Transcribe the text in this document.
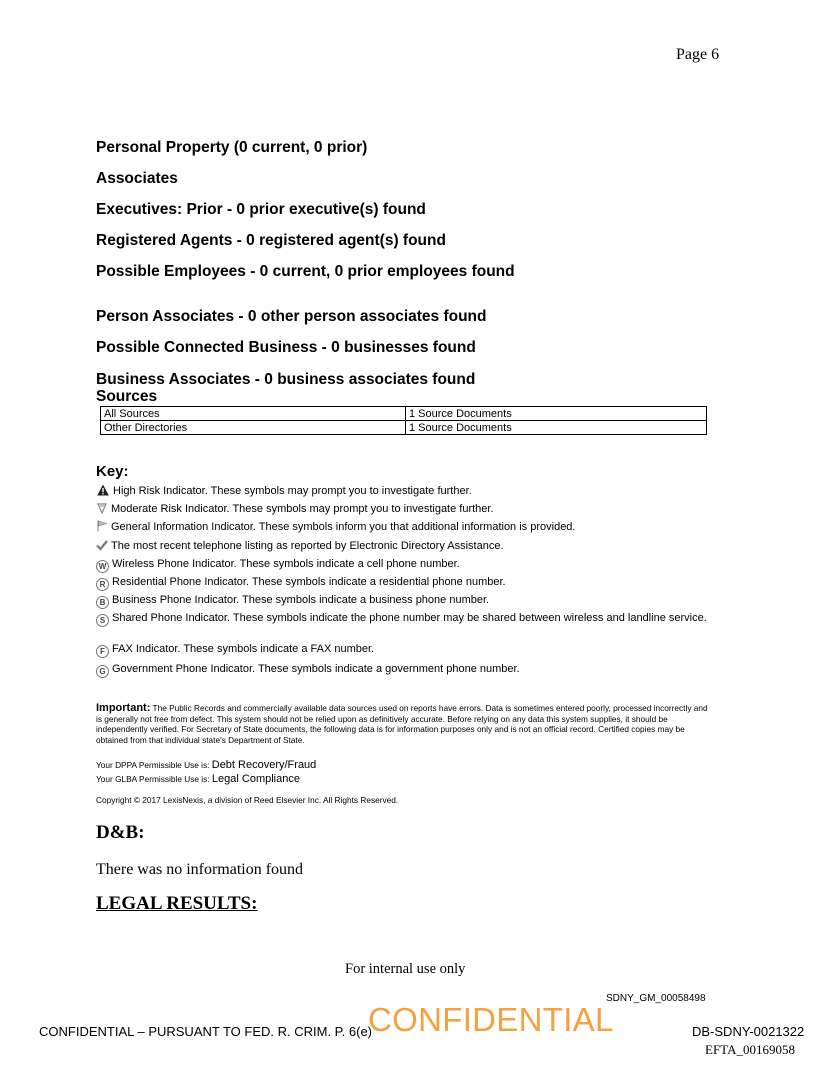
Page 6
Personal Property (0 current, 0 prior)
Associates
Executives: Prior - 0 prior executive(s) found
Registered Agents - 0 registered agent(s) found
Possible Employees - 0 current, 0 prior employees found
Person Associates - 0 other person associates found
Possible Connected Business - 0 businesses found
Business Associates - 0 business associates found
Sources
All Sources	1 Source Documents
Other Directories	1 Source Documents
Key:
High Risk Indicator. These symbols may prompt you to investigate further.
Moderate Risk Indicator. These symbols may prompt you to investigate further.
General Information Indicator. These symbols inform you that additional information is provided.
The most recent telephone listing as reported by Electronic Directory Assistance.
W Wireless Phone Indicator. These symbols indicate a cell phone number.
R Residential Phone Indicator. These symbols indicate a residential phone number.
B Business Phone Indicator. These symbols indicate a business phone number.
S Shared Phone Indicator. These symbols indicate the phone number may be shared between wireless and landline service.
F FAX Indicator. These symbols indicate a FAX number.
G Government Phone Indicator. These symbols indicate a government phone number.
Important: The Public Records and commercially available data sources used on reports have errors. Data is sometimes entered poorly, processed incorrectly and is generally not free from defect. This system should not be relied upon as definitively accurate. Before relying on any data this system supplies, it should be independently verified. For Secretary of State documents, the following data is for information purposes only and is not an official record. Certified copies may be obtained from that individual state's Department of State.
Your DPPA Permissible Use is: Debt Recovery/Fraud
Your GLBA Permissible Use is: Legal Compliance
Copyright © 2017 LexisNexis, a division of Reed Elsevier Inc. All Rights Reserved.
D&B:
There was no information found
LEGAL RESULTS:
For internal use only
SDNY_GM_00058498
CONFIDENTIAL – PURSUANT TO FED. R. CRIM. P. 6(e)
CONFIDENTIAL	DB-SDNY-0021322
EFTA_00169058
